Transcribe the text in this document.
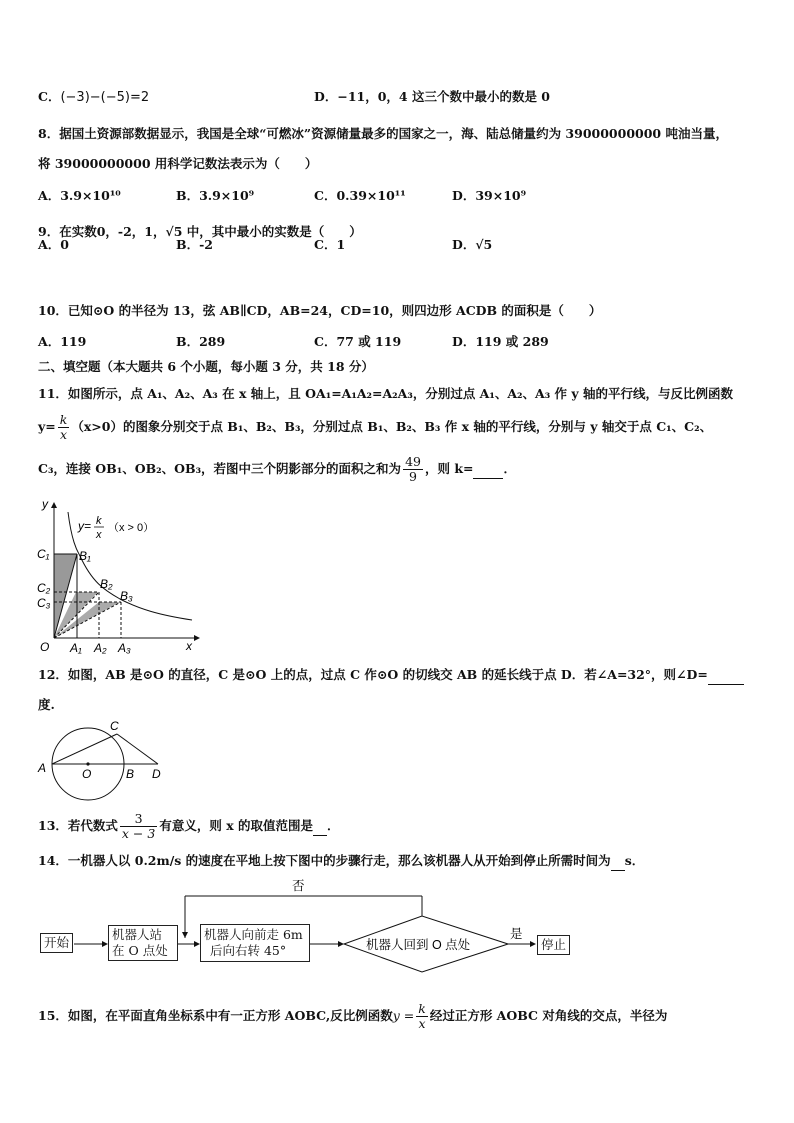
C．(−3)−(−5)=2	D．−11，0，4 这三个数中最小的数是 0
8．据国土资源部数据显示，我国是全球“可燃冰”资源储量最多的国家之一，海、陆总储量约为 39000000000 吨油当量，
将 39000000000 用科学记数法表示为（　　）
A．3.9×10¹⁰	B．3.9×10⁹	C．0.39×10¹¹	D．39×10⁹
9．在实数0，-2，1，√5 中，其中最小的实数是（　　）
A．0	B．-2	C．1	D．√5
10．已知⊙O 的半径为 13，弦 AB∥CD，AB=24，CD=10，则四边形 ACDB 的面积是（　　）
A．119	B．289	C．77 或 119	D．119 或 289
二、填空题（本大题共 6 个小题，每小题 3 分，共 18 分）
11．如图所示，点 A₁、A₂、A₃ 在 x 轴上，且 OA₁=A₁A₂=A₂A₃，分别过点 A₁、A₂、A₃ 作 y 轴的平行线，与反比例函数
$y= \frac{k}{x} (x>0)$的图象分别交于点 B₁、B₂、B₃，分别过点 B₁、B₂、B₃ 作 x 轴的平行线，分别与 y 轴交于点 C₁、C₂、
C₃，连接 OB₁、OB₂、OB₃，若图中三个阴影部分的面积之和为 $\frac{49}{9}$ ，则 k= ．
y
x
O
y= k
x
（x > 0）
C₁
C₂
C₃
B₁
B₂
B₃
A₁ A₂ A₃
12．如图，AB 是⊙O 的直径，C 是⊙O 上的点，过点 C 作⊙O 的切线交 AB 的延长线于点 D．若∠A=32°，则∠D=
度.
A	O	B
C
D
13．若代数式 $\frac{3}{x - 3}$ 有意义，则 x 的取值范围是 ．
14．一机器人以 0.2m/s 的速度在平地上按下图中的步骤行走，那么该机器人从开始到停止所需时间为 s．
否
是
机器人回到 O 点处
开始
机器人站
在 O 点处
机器人向前走 6m
后向右转 45°	停止
15．如图，在平面直角坐标系中有一正方形 AOBC,反比例函数$y = \frac{k}{x}$ 经过正方形 AOBC 对角线的交点，半径为
